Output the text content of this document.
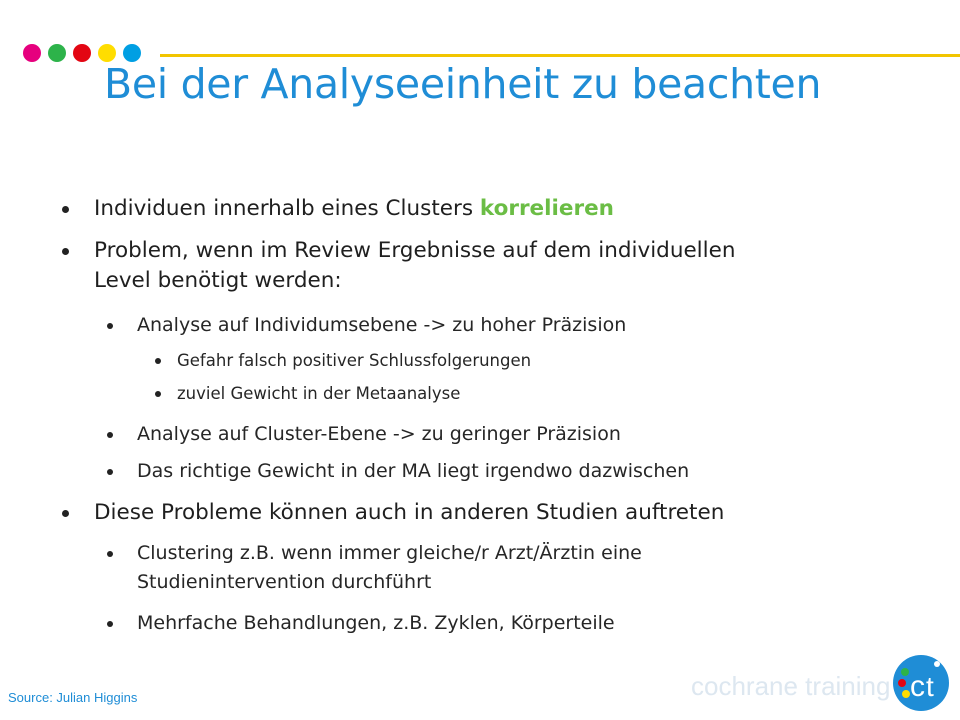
Bei der Analyseeinheit zu beachten
Individuen innerhalb eines Clusters korrelieren
Problem, wenn im Review Ergebnisse auf dem individuellen
Level benötigt werden:
Analyse auf Individumsebene -> zu hoher Präzision
Gefahr falsch positiver Schlussfolgerungen
zuviel Gewicht in der Metaanalyse
Analyse auf Cluster-Ebene -> zu geringer Präzision
Das richtige Gewicht in der MA liegt irgendwo dazwischen
Diese Probleme können auch in anderen Studien auftreten
Clustering z.B. wenn immer gleiche/r Arzt/Ärztin eine
Studienintervention durchführt
Mehrfache Behandlungen, z.B. Zyklen, Körperteile
Source: Julian Higgins	cochrane training c t
